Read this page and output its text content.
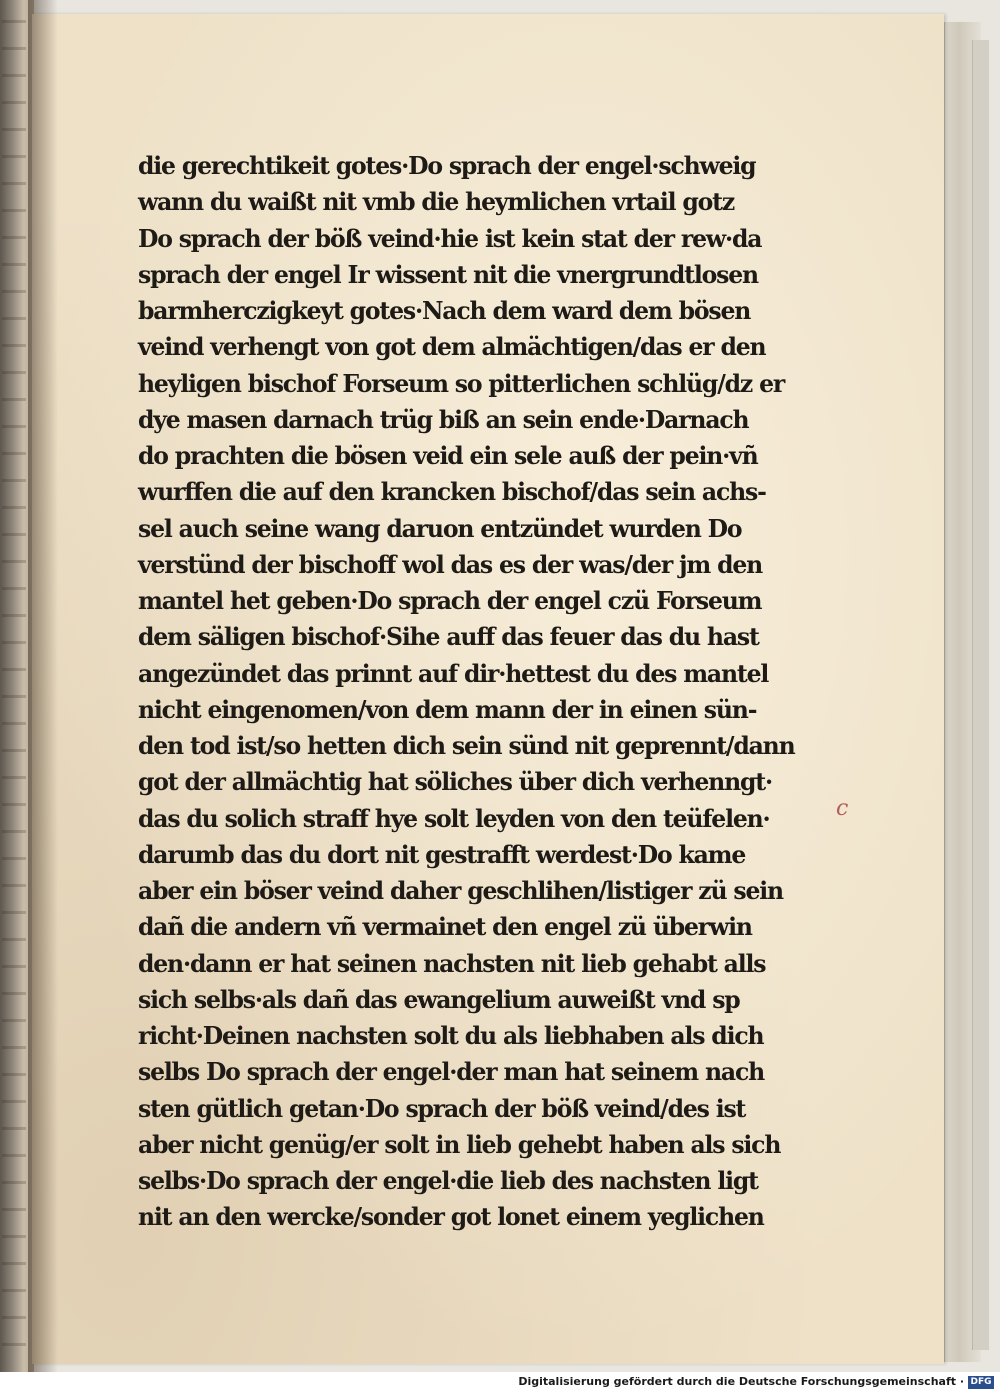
die gerechtikeit gotes·Do sprach der engel·schweig
wann du waißt nit vmb die heymlichen vrtail gotz
Do sprach der böß veind·hie ist kein stat der rew·da
sprach der engel Ir wissent nit die vnergrundtlosen
barmherczigkeyt gotes·Nach dem ward dem bösen
veind verhengt von got dem almächtigen/das er den
heyligen bischof Forseum so pitterlichen schlüg/dz er
dye masen darnach trüg biß an sein ende·Darnach
do prachten die bösen veid ein sele auß der pein·vñ
wurffen die auf den krancken bischof/das sein achs-
sel auch seine wang daruon entzündet wurden Do
verstünd der bischoff wol das es der was/der jm den
mantel het geben·Do sprach der engel czü Forseum
dem säligen bischof·Sihe auff das feuer das du hast
angezündet das prinnt auf dir·hettest du des mantel
nicht eingenomen/von dem mann der in einen sün-
den tod ist/so hetten dich sein sünd nit geprennt/dann
got der allmächtig hat söliches über dich verhenngt·
das du solich straff hye solt leyden von den teüfelen·
darumb das du dort nit gestrafft werdest·Do kame
aber ein böser veind daher geschlihen/listiger zü sein
dañ die andern vñ vermainet den engel zü überwin
den·dann er hat seinen nachsten nit lieb gehabt alls
sich selbs·als dañ das ewangelium auweißt vnd sp
richt·Deinen nachsten solt du als liebhaben als dich
selbs Do sprach der engel·der man hat seinem nach
sten gütlich getan·Do sprach der böß veind/des ist
aber nicht genüg/er solt in lieb gehebt haben als sich
selbs·Do sprach der engel·die lieb des nachsten ligt
nit an den wercke/sonder got lonet einem yeglichen
c
Digitalisierung gefördert durch die Deutsche Forschungsgemeinschaft · DFG
